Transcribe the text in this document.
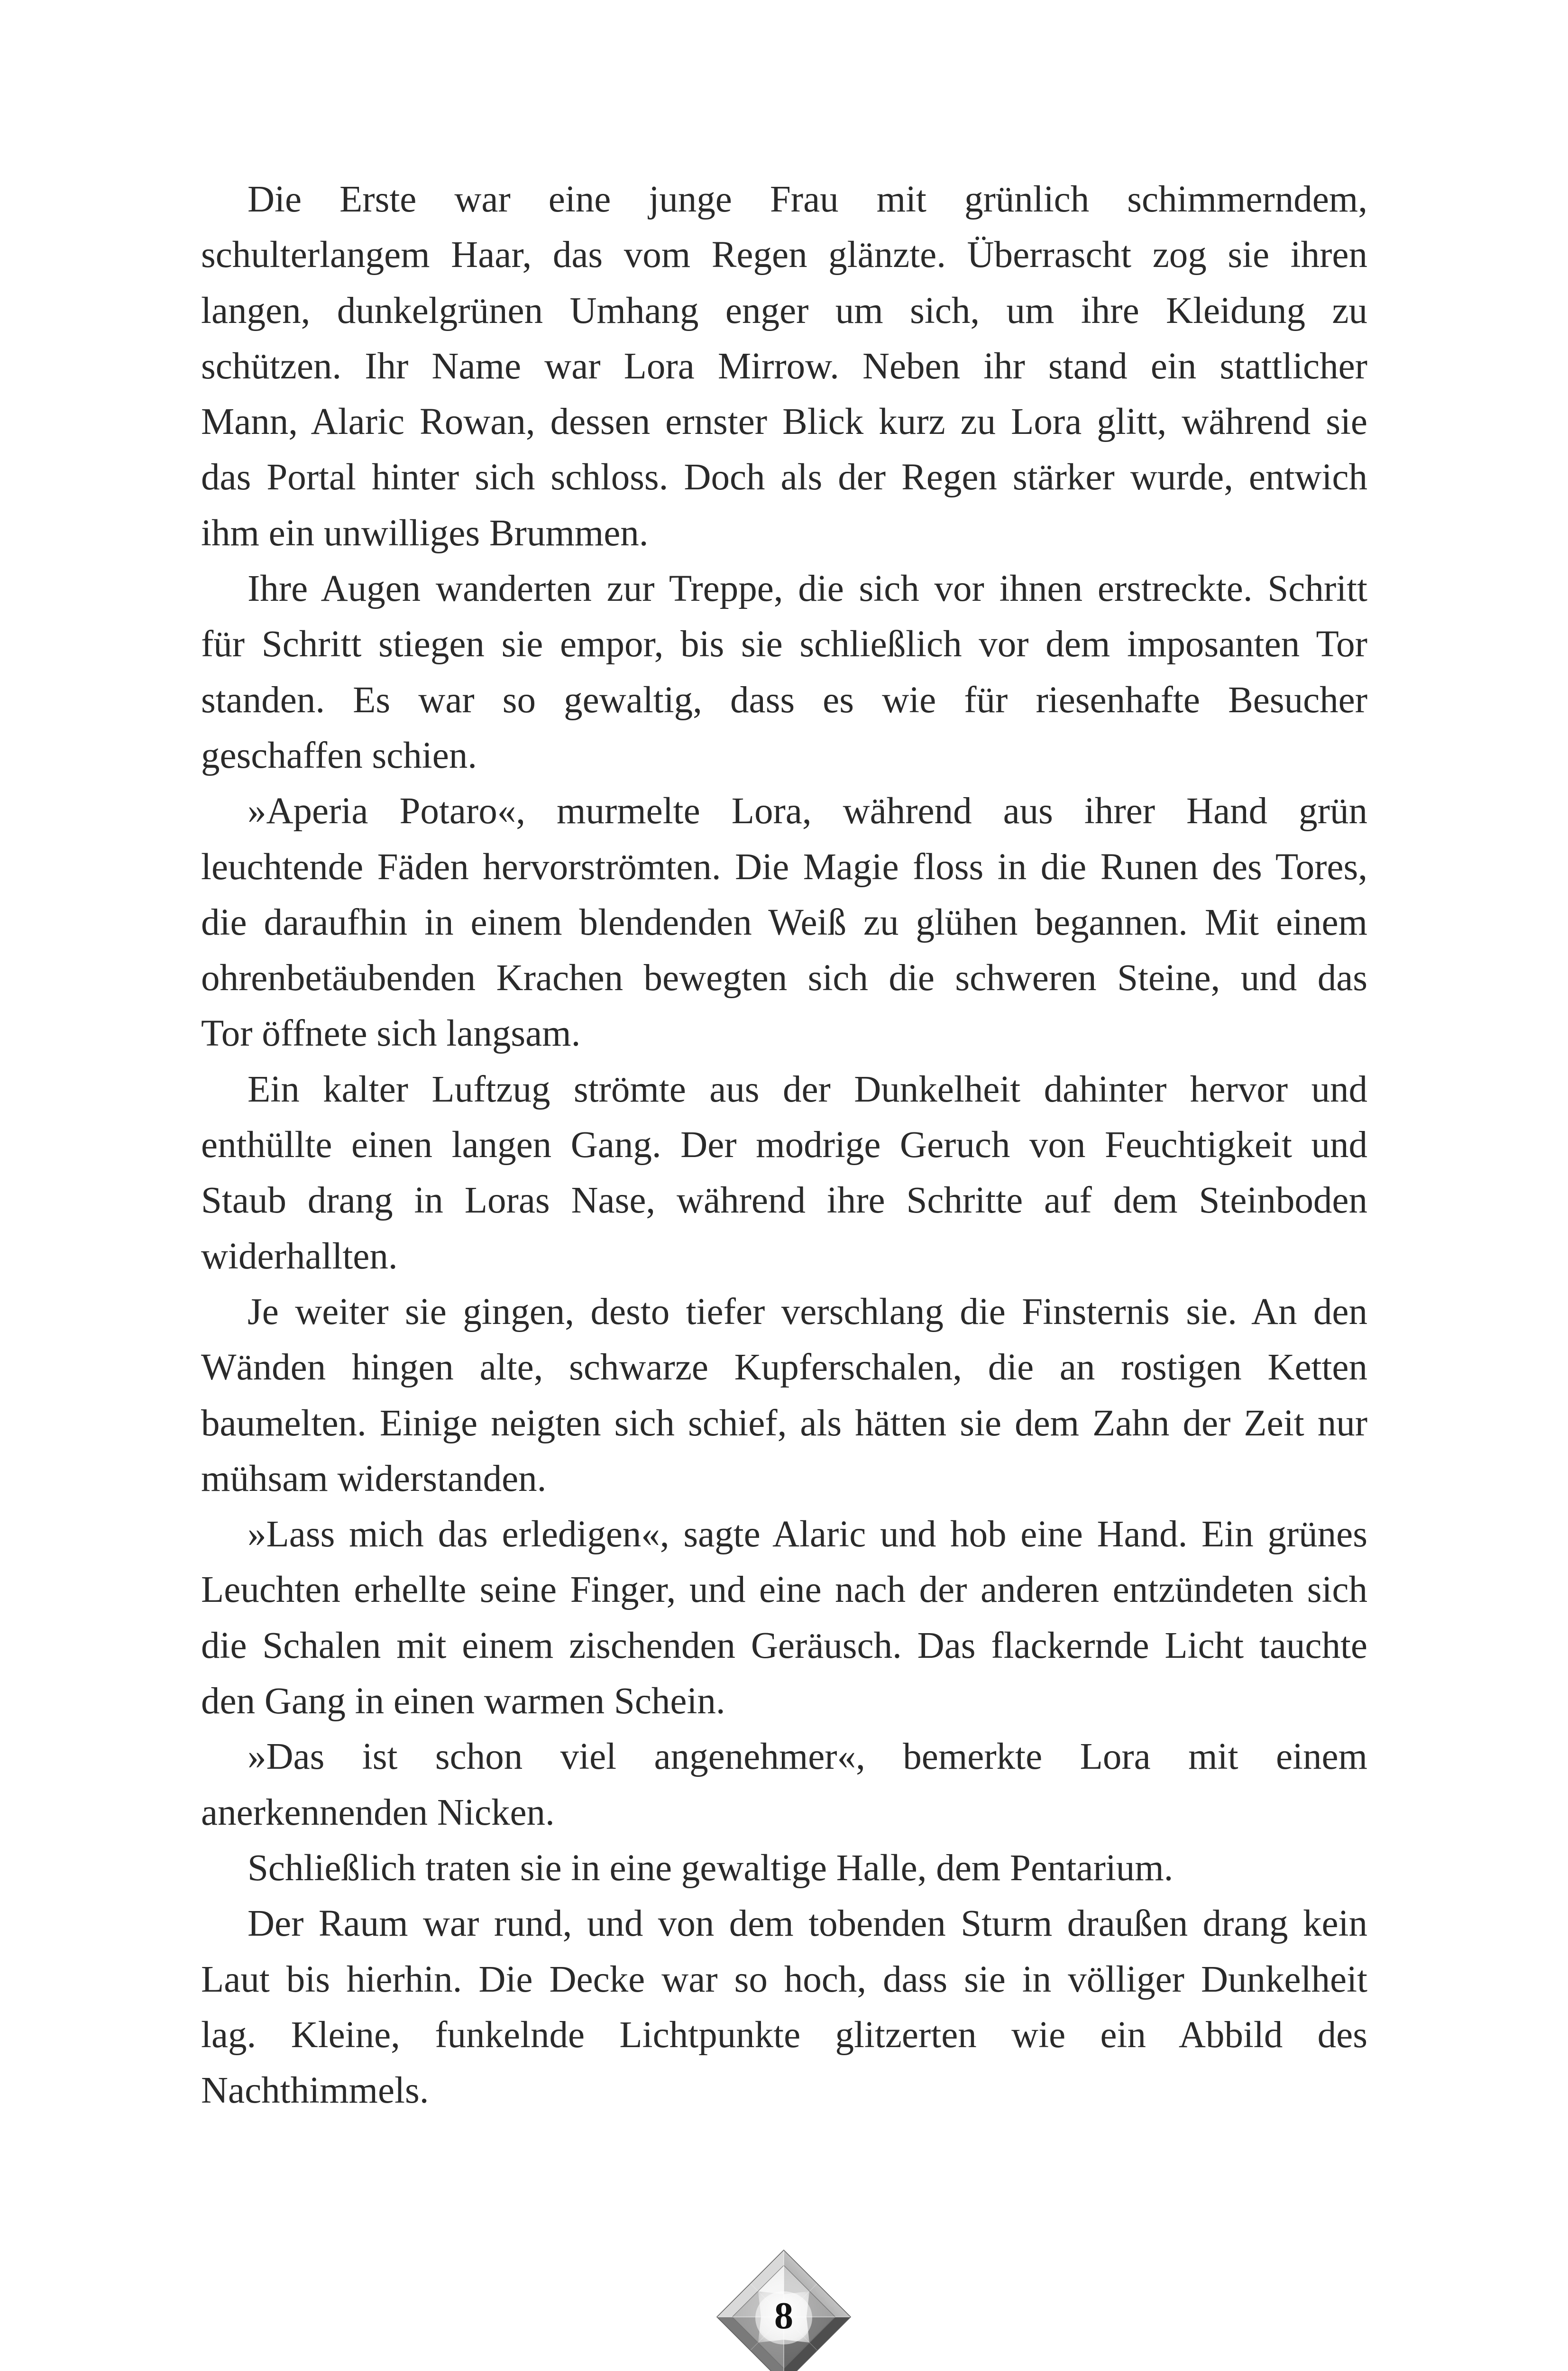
Die Erste war eine junge Frau mit grünlich schimmerndem,
schulterlangem Haar, das vom Regen glänzte. Überrascht zog sie ihren
langen, dunkelgrünen Umhang enger um sich, um ihre Kleidung zu
schützen. Ihr Name war Lora Mirrow. Neben ihr stand ein stattlicher
Mann, Alaric Rowan, dessen ernster Blick kurz zu Lora glitt, während sie
das Portal hinter sich schloss. Doch als der Regen stärker wurde, entwich
ihm ein unwilliges Brummen.

Ihre Augen wanderten zur Treppe, die sich vor ihnen erstreckte. Schritt
für Schritt stiegen sie empor, bis sie schließlich vor dem imposanten Tor
standen. Es war so gewaltig, dass es wie für riesenhafte Besucher
geschaffen schien.

»Aperia Potaro«, murmelte Lora, während aus ihrer Hand grün
leuchtende Fäden hervorströmten. Die Magie floss in die Runen des Tores,
die daraufhin in einem blendenden Weiß zu glühen begannen. Mit einem
ohrenbetäubenden Krachen bewegten sich die schweren Steine, und das
Tor öffnete sich langsam.

Ein kalter Luftzug strömte aus der Dunkelheit dahinter hervor und
enthüllte einen langen Gang. Der modrige Geruch von Feuchtigkeit und
Staub drang in Loras Nase, während ihre Schritte auf dem Steinboden
widerhallten.

Je weiter sie gingen, desto tiefer verschlang die Finsternis sie. An den
Wänden hingen alte, schwarze Kupferschalen, die an rostigen Ketten
baumelten. Einige neigten sich schief, als hätten sie dem Zahn der Zeit nur
mühsam widerstanden.

»Lass mich das erledigen«, sagte Alaric und hob eine Hand. Ein grünes
Leuchten erhellte seine Finger, und eine nach der anderen entzündeten sich
die Schalen mit einem zischenden Geräusch. Das flackernde Licht tauchte
den Gang in einen warmen Schein.

»Das ist schon viel angenehmer«, bemerkte Lora mit einem
anerkennenden Nicken.

Schließlich traten sie in eine gewaltige Halle, dem Pentarium.

Der Raum war rund, und von dem tobenden Sturm draußen drang kein
Laut bis hierhin. Die Decke war so hoch, dass sie in völliger Dunkelheit
lag. Kleine, funkelnde Lichtpunkte glitzerten wie ein Abbild des
Nachthimmels.

8
